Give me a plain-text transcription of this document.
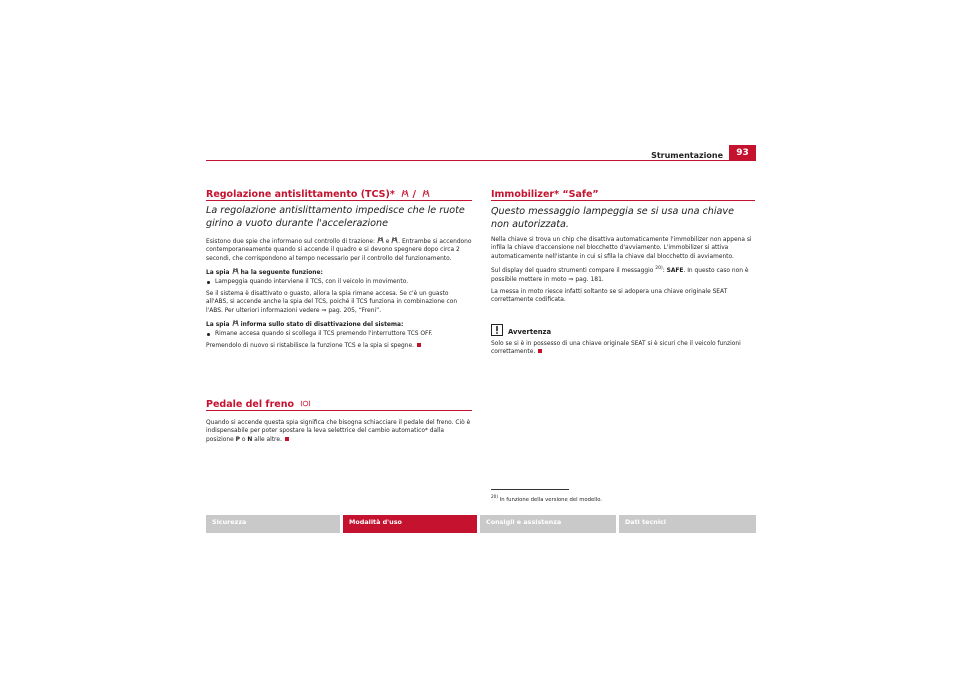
Strumentazione	93
Regolazione antislittamento (TCS)* /
La regolazione antislittamento impedisce che le ruote girino a vuoto durante l'accelerazione
Esistono due spie che informano sul controllo di trazione:  e . Entrambe si accendono contemporaneamente quando si accende il quadro e si devono spegnere dopo circa 2 secondi, che corrispondono al tempo necessario per il controllo del funzionamento.
La spia  ha la seguente funzione:
Lampeggia quando interviene il TCS, con il veicolo in movimento.
Se il sistema è disattivato o guasto, allora la spia rimane accesa. Se c'è un guasto all'ABS, si accende anche la spia del TCS, poiché il TCS funziona in combinazione con l'ABS. Per ulteriori informazioni vedere ⇒ pag. 205, “Freni”.
La spia  informa sullo stato di disattivazione del sistema:
Rimane accesa quando si scollega il TCS premendo l'interruttore TCS OFF.
Premendolo di nuovo si ristabilisce la funzione TCS e la spia si spegne.
Pedale del freno
Quando si accende questa spia significa che bisogna schiacciare il pedale del freno. Ciò è indispensabile per poter spostare la leva selettrice del cambio automatico* dalla posizione P o N alle altre.
Immobilizer* “Safe”
Questo messaggio lampeggia se si usa una chiave non autorizzata.
Nella chiave si trova un chip che disattiva automaticamente l'immobilizer non appena si infila la chiave d'accensione nel blocchetto d'avviamento. L'immobilizer si attiva automaticamente nell'istante in cui si sfila la chiave dal blocchetto di avviamento.
Sul display del quadro strumenti compare il messaggio $^{20)}$: SAFE. In questo caso non è possibile mettere in moto ⇒ pag. 181.
La messa in moto riesce infatti soltanto se si adopera una chiave originale SEAT correttamente codificata.
Avvertenza
Solo se si è in possesso di una chiave originale SEAT si è sicuri che il veicolo funzioni correttamente.
$^{20)}$ In funzione della versione del modello.
Sicurezza	Modalità d'uso	Consigli e assistenza	Dati tecnici
